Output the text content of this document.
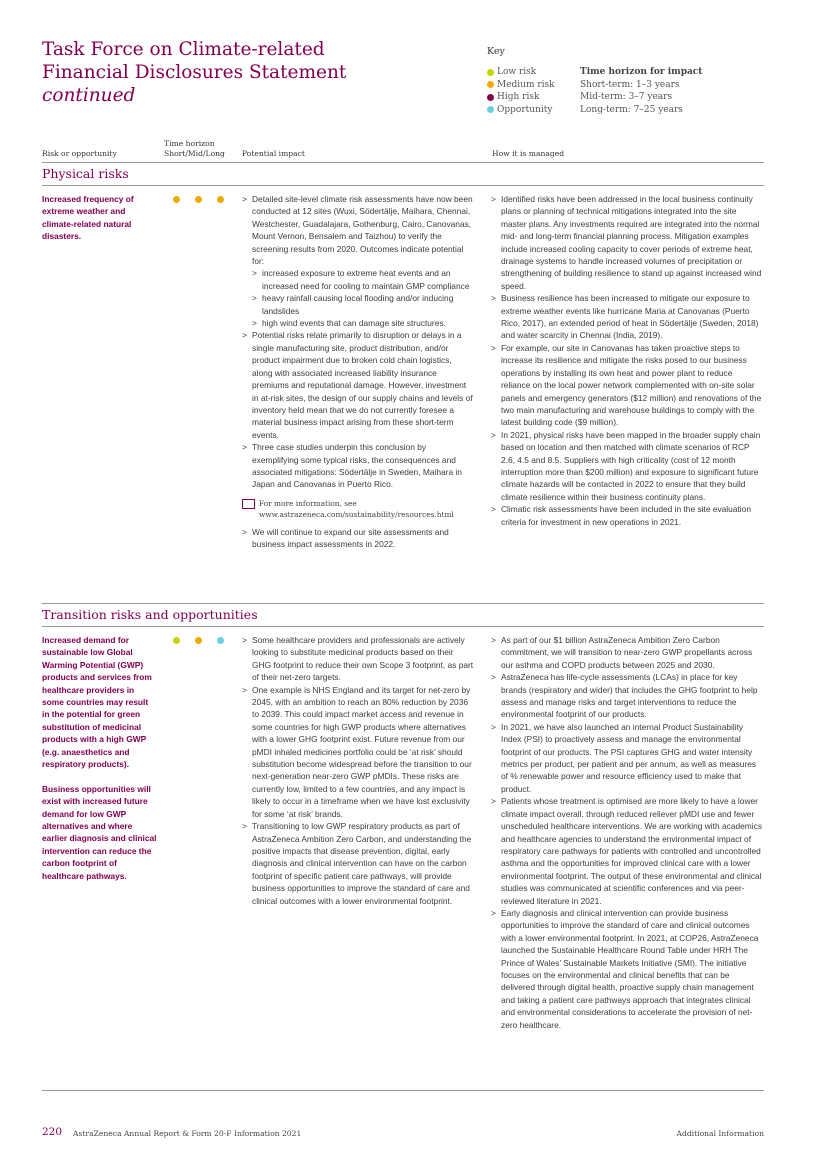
Task Force on Climate-related
Financial Disclosures Statement
continued
Key
Low risk
Medium risk
High risk
Opportunity
Time horizon for impact
Short-term: 1–3 years
Mid-term: 3–7 years
Long-term: 7–25 years
Risk or opportunity
Time horizon
Short/Mid/Long Potential impact	How it is managed
Physical risks
Increased frequency of extreme weather and climate-related natural disasters.
> Detailed site-level climate risk assessments have now been conducted at 12 sites (Wuxi, Södertälje, Maihara, Chennai, Westchester, Guadalajara, Gothenburg, Cairo, Canovanas, Mount Vernon, Bensalem and Taizhou) to verify the screening results from 2020. Outcomes indicate potential for:
> increased exposure to extreme heat events and an increased need for cooling to maintain GMP compliance
> heavy rainfall causing local flooding and/or inducing landslides
> high wind events that can damage site structures.
> Potential risks relate primarily to disruption or delays in a single manufacturing site, product distribution, and/or product impairment due to broken cold chain logistics, along with associated increased liability insurance premiums and reputational damage. However, investment in at-risk sites, the design of our supply chains and levels of inventory held mean that we do not currently foresee a material business impact arising from these short-term events.
> Three case studies underpin this conclusion by exemplifying some typical risks, the consequences and associated mitigations: Södertälje in Sweden, Maihara in Japan and Canovanas in Puerto Rico.
For more information, see www.astrazeneca.com/sustainability/resources.html
> We will continue to expand our site assessments and business impact assessments in 2022.
> Identified risks have been addressed in the local business continuity plans or planning of technical mitigations integrated into the site master plans. Any investments required are integrated into the normal mid- and long-term financial planning process. Mitigation examples include increased cooling capacity to cover periods of extreme heat, drainage systems to handle increased volumes of precipitation or strengthening of building resilience to stand up against increased wind speed.
> Business resilience has been increased to mitigate our exposure to extreme weather events like hurricane Maria at Canovanas (Puerto Rico, 2017), an extended period of heat in Södertälje (Sweden, 2018) and water scarcity in Chennai (India, 2019).
> For example, our site in Canovanas has taken proactive steps to increase its resilience and mitigate the risks posed to our business operations by installing its own heat and power plant to reduce reliance on the local power network complemented with on-site solar panels and emergency generators ($12 million) and renovations of the two main manufacturing and warehouse buildings to comply with the latest building code ($9 million).
> In 2021, physical risks have been mapped in the broader supply chain based on location and then matched with climate scenarios of RCP 2.6, 4.5 and 8.5. Suppliers with high criticality (cost of 12 month interruption more than $200 million) and exposure to significant future climate hazards will be contacted in 2022 to ensure that they build climate resilience within their business continuity plans.
> Climatic risk assessments have been included in the site evaluation criteria for investment in new operations in 2021.
Transition risks and opportunities

Increased demand for sustainable low Global Warming Potential (GWP) products and services from healthcare providers in some countries may result in the potential for green substitution of medicinal products with a high GWP (e.g. anaesthetics and respiratory products).

Business opportunities will exist with increased future demand for low GWP alternatives and where earlier diagnosis and clinical intervention can reduce the carbon footprint of healthcare pathways.

> Some healthcare providers and professionals are actively looking to substitute medicinal products based on their GHG footprint to reduce their own Scope 3 footprint, as part of their net-zero targets.
> One example is NHS England and its target for net-zero by 2045, with an ambition to reach an 80% reduction by 2036 to 2039. This could impact market access and revenue in some countries for high GWP products where alternatives with a lower GHG footprint exist. Future revenue from our pMDI inhaled medicines portfolio could be ‘at risk’ should substitution become widespread before the transition to our next-generation near-zero GWP pMDIs. These risks are currently low, limited to a few countries, and any impact is likely to occur in a timeframe when we have lost exclusivity for some ‘at risk’ brands.
> Transitioning to low GWP respiratory products as part of AstraZeneca Ambition Zero Carbon, and understanding the positive impacts that disease prevention, digital, early diagnosis and clinical intervention can have on the carbon footprint of specific patient care pathways, will provide business opportunities to improve the standard of care and clinical outcomes with a lower environmental footprint.
> As part of our $1 billion AstraZeneca Ambition Zero Carbon commitment, we will transition to near-zero GWP propellants across our asthma and COPD products between 2025 and 2030.
> AstraZeneca has life-cycle assessments (LCAs) in place for key brands (respiratory and wider) that includes the GHG footprint to help assess and manage risks and target interventions to reduce the environmental footprint of our products.
> In 2021, we have also launched an internal Product Sustainability Index (PSI) to proactively assess and manage the environmental footprint of our products. The PSI captures GHG and water intensity metrics per product, per patient and per annum, as well as measures of % renewable power and resource efficiency used to make that product.
> Patients whose treatment is optimised are more likely to have a lower climate impact overall, through reduced reliever pMDI use and fewer unscheduled healthcare interventions. We are working with academics and healthcare agencies to understand the environmental impact of respiratory care pathways for patients with controlled and uncontrolled asthma and the opportunities for improved clinical care with a lower environmental footprint. The output of these environmental and clinical studies was communicated at scientific conferences and via peer-reviewed literature in 2021.
> Early diagnosis and clinical intervention can provide business opportunities to improve the standard of care and clinical outcomes with a lower environmental footprint. In 2021, at COP26, AstraZeneca launched the Sustainable Healthcare Round Table under HRH The Prince of Wales’ Sustainable Markets Initiative (SMI). The initiative focuses on the environmental and clinical benefits that can be delivered through digital health, proactive supply chain management and taking a patient care pathways approach that integrates clinical and environmental considerations to accelerate the provision of net-zero healthcare.
220 AstraZeneca Annual Report & Form 20-F Information 2021	Additional Information
